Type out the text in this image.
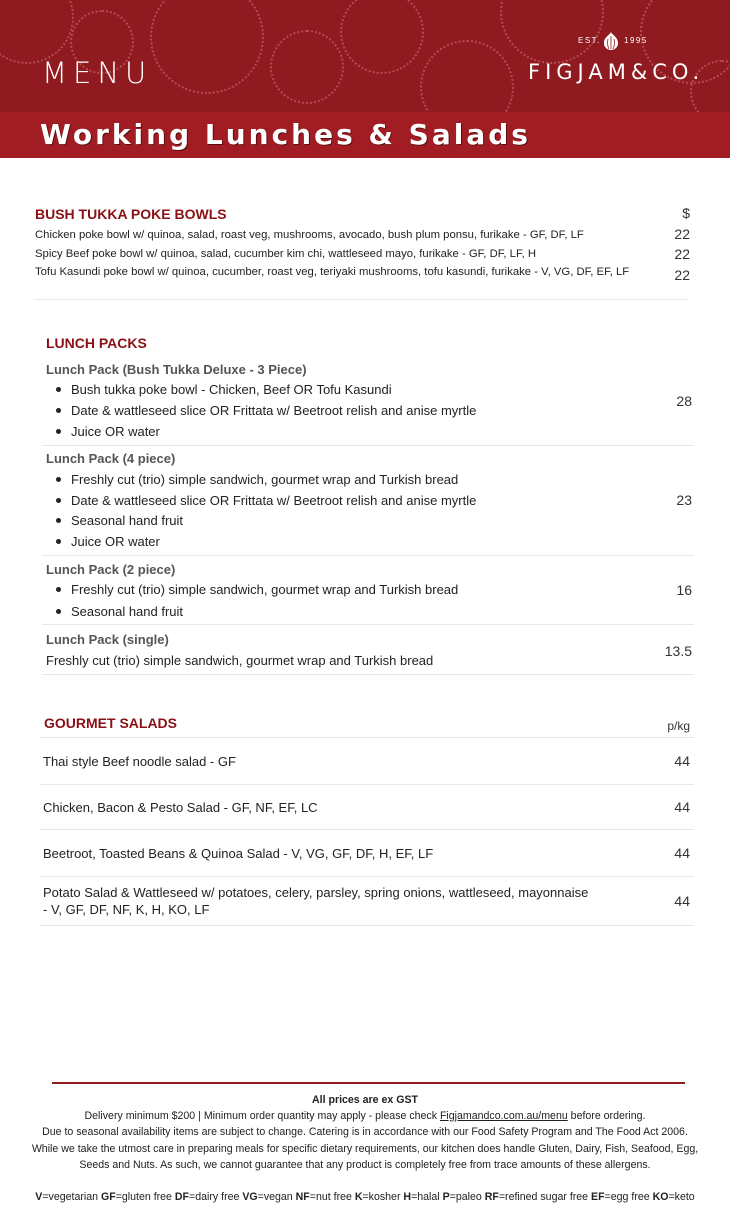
MENU
EST.	1995
FIGJAM&CO.
Working Lunches & Salads
BUSH TUKKA POKE BOWLS	$
Chicken poke bowl w/ quinoa, salad, roast veg, mushrooms, avocado, bush plum ponsu, furikake - GF, DF, LF	22
Spicy Beef poke bowl w/ quinoa, salad, cucumber kim chi, wattleseed mayo, furikake - GF, DF, LF, H	22
Tofu Kasundi poke bowl w/ quinoa, cucumber, roast veg, teriyaki mushrooms, tofu kasundi, furikake - V, VG, DF, EF, LF	22
LUNCH PACKS
Lunch Pack (Bush Tukka Deluxe - 3 Piece)
Bush tukka poke bowl - Chicken, Beef OR Tofu Kasundi
Date & wattleseed slice OR Frittata w/ Beetroot relish and anise myrtle
Juice OR water
28
Lunch Pack (4 piece)
Freshly cut (trio) simple sandwich, gourmet wrap and Turkish bread
Date & wattleseed slice OR Frittata w/ Beetroot relish and anise myrtle
Seasonal hand fruit
Juice OR water
23
Lunch Pack (2 piece)
Freshly cut (trio) simple sandwich, gourmet wrap and Turkish bread
Seasonal hand fruit
16
Lunch Pack (single)
Freshly cut (trio) simple sandwich, gourmet wrap and Turkish bread
13.5
GOURMET SALADS	p/kg
Thai style Beef noodle salad - GF	44
Chicken, Bacon & Pesto Salad - GF, NF, EF, LC	44
Beetroot, Toasted Beans & Quinoa Salad - V, VG, GF, DF, H, EF, LF	44
Potato Salad & Wattleseed w/ potatoes, celery, parsley, spring onions, wattleseed, mayonnaise
- V, GF, DF, NF, K, H, KO, LF
44
All prices are ex GST
Delivery minimum $200 | Minimum order quantity may apply - please check Figjamandco.com.au/menu before ordering.
Due to seasonal availability items are subject to change. Catering is in accordance with our Food Safety Program and The Food Act 2006.
While we take the utmost care in preparing meals for specific dietary requirements, our kitchen does handle Gluten, Dairy, Fish, Seafood, Egg,
Seeds and Nuts. As such, we cannot guarantee that any product is completely free from trace amounts of these allergens.
V=vegetarian GF=gluten free DF=dairy free VG=vegan NF=nut free K=kosher H=halal P=paleo RF=refined sugar free EF=egg free KO=keto
